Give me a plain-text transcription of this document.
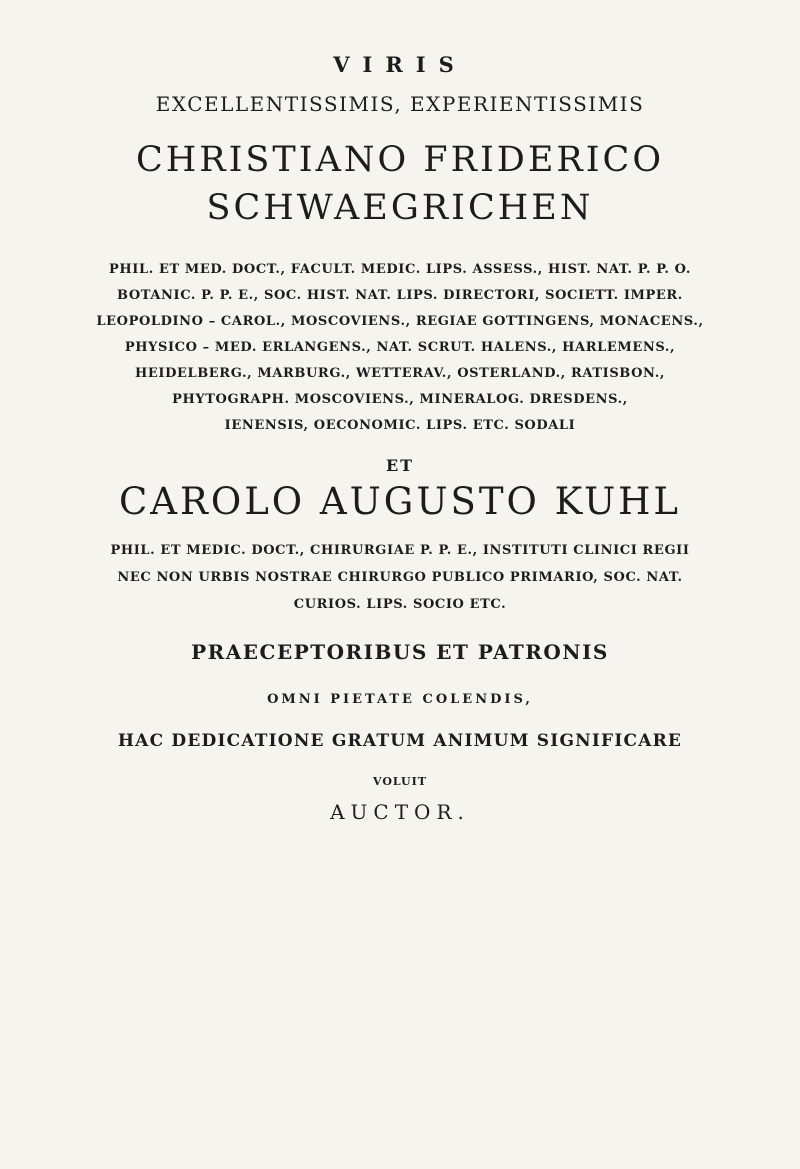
VIRIS
EXCELLENTISSIMIS, EXPERIENTISSIMIS
CHRISTIANO FRIDERICO
SCHWAEGRICHEN
PHIL. ET MED. DOCT., FACULT. MEDIC. LIPS. ASSESS., HIST. NAT. P. P. O.
BOTANIC. P. P. E., SOC. HIST. NAT. LIPS. DIRECTORI, SOCIETT. IMPER.
LEOPOLDINO – CAROL., MOSCOVIENS., REGIAE GOTTINGENS, MONACENS.,
PHYSICO – MED. ERLANGENS., NAT. SCRUT. HALENS., HARLEMENS.,
HEIDELBERG., MARBURG., WETTERAV., OSTERLAND., RATISBON.,
PHYTOGRAPH. MOSCOVIENS., MINERALOG. DRESDENS.,
IENENSIS, OECONOMIC. LIPS. ETC. SODALI
ET
CAROLO AUGUSTO KUHL
PHIL. ET MEDIC. DOCT., CHIRURGIAE P. P. E., INSTITUTI CLINICI REGII
NEC NON URBIS NOSTRAE CHIRURGO PUBLICO PRIMARIO, SOC. NAT.
CURIOS. LIPS. SOCIO ETC.
PRAECEPTORIBUS ET PATRONIS
OMNI PIETATE COLENDIS,
HAC DEDICATIONE GRATUM ANIMUM SIGNIFICARE
VOLUIT
AUCTOR.
